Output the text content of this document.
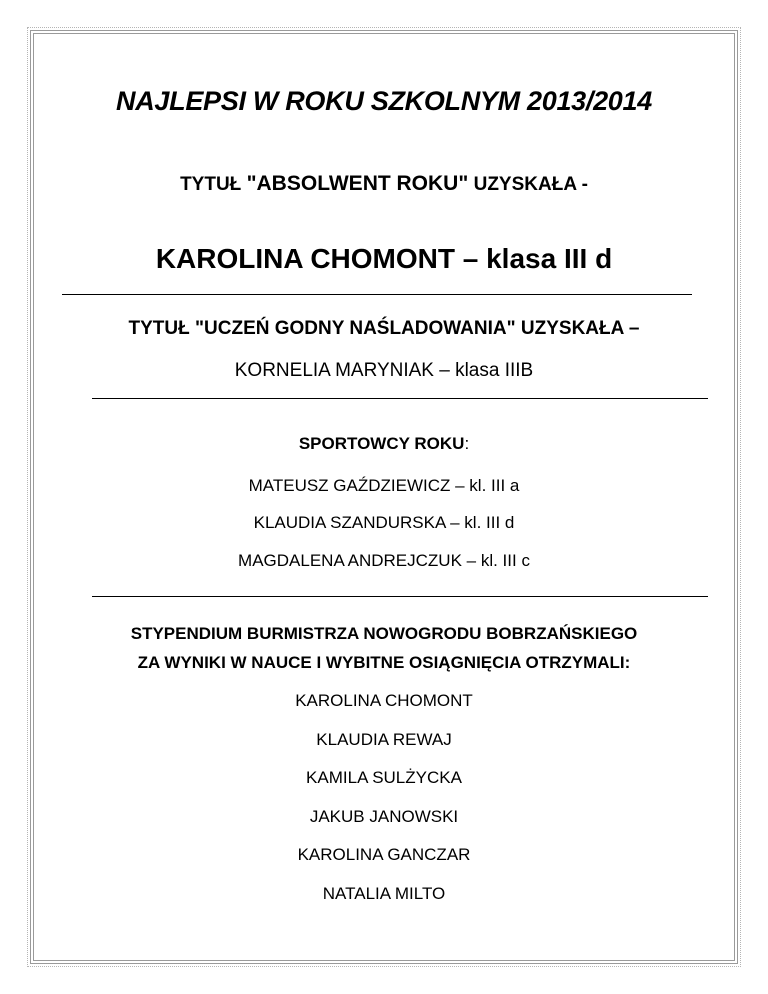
NAJLEPSI W ROKU SZKOLNYM 2013/2014
TYTUŁ "ABSOLWENT ROKU" UZYSKAŁA -
KAROLINA CHOMONT – klasa III d
TYTUŁ "UCZEŃ GODNY NAŚLADOWANIA" UZYSKAŁA –
KORNELIA MARYNIAK – klasa IIIB
SPORTOWCY ROKU:
MATEUSZ GAŹDZIEWICZ – kl. III a
KLAUDIA SZANDURSKA – kl. III d
MAGDALENA ANDREJCZUK – kl. III c
STYPENDIUM BURMISTRZA NOWOGRODU BOBRZAŃSKIEGO
ZA WYNIKI W NAUCE I WYBITNE OSIĄGNIĘCIA OTRZYMALI:
KAROLINA CHOMONT
KLAUDIA REWAJ
KAMILA SULŻYCKA
JAKUB JANOWSKI
KAROLINA GANCZAR
NATALIA MILTO
